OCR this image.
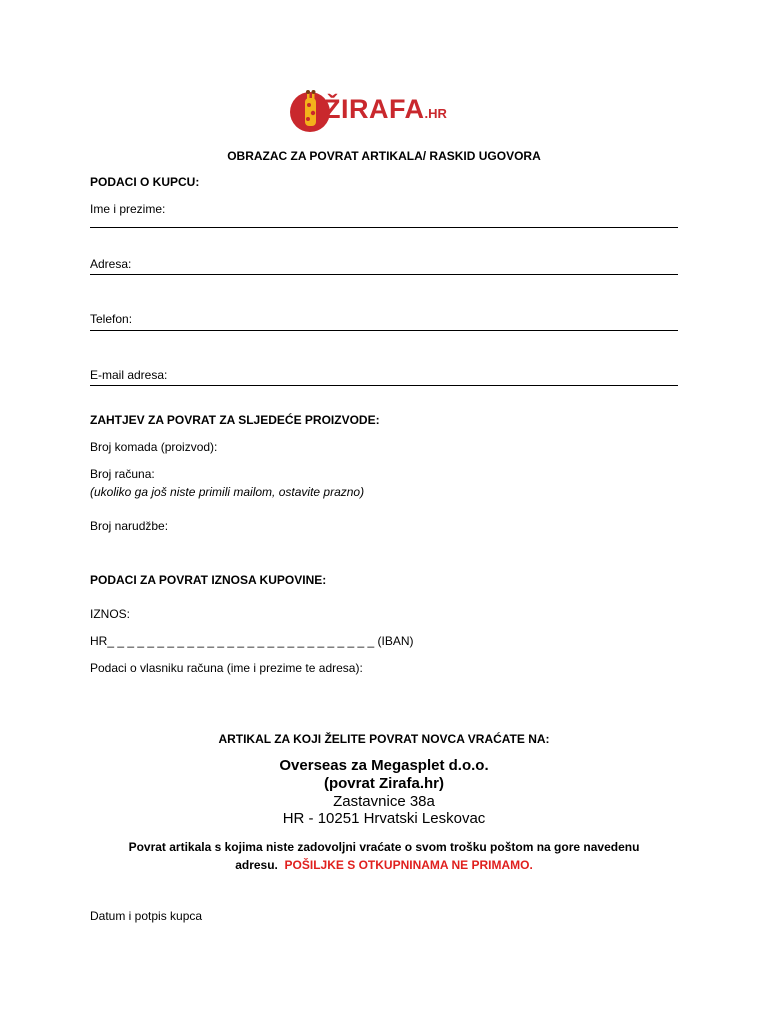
ŽIRAFA.HR
OBRAZAC ZA POVRAT ARTIKALA/ RASKID UGOVORA
PODACI O KUPCU:
Ime i prezime:
Adresa:
Telefon:
E-mail adresa:
ZAHTJEV ZA POVRAT ZA SLJEDEĆE PROIZVODE:
Broj komada (proizvod):
Broj računa:
(ukoliko ga još niste primili mailom, ostavite prazno)
Broj narudžbe:
PODACI ZA POVRAT IZNOSA KUPOVINE:
IZNOS:
HR_ _ _ _ _ _ _ _ _ _ _ _ _ _ _ _ _ _ _ _ _ _ _ _ _ _ _ (IBAN)
Podaci o vlasniku računa (ime i prezime te adresa):
ARTIKAL ZA KOJI ŽELITE POVRAT NOVCA VRAĆATE NA:
Overseas za Megasplet d.o.o.
(povrat Zirafa.hr)
Zastavnice 38a
HR - 10251 Hrvatski Leskovac
Povrat artikala s kojima niste zadovoljni vraćate o svom trošku poštom na gore navedenu
adresu. POŠILJKE S OTKUPNINAMA NE PRIMAMO.
Datum i potpis kupca
